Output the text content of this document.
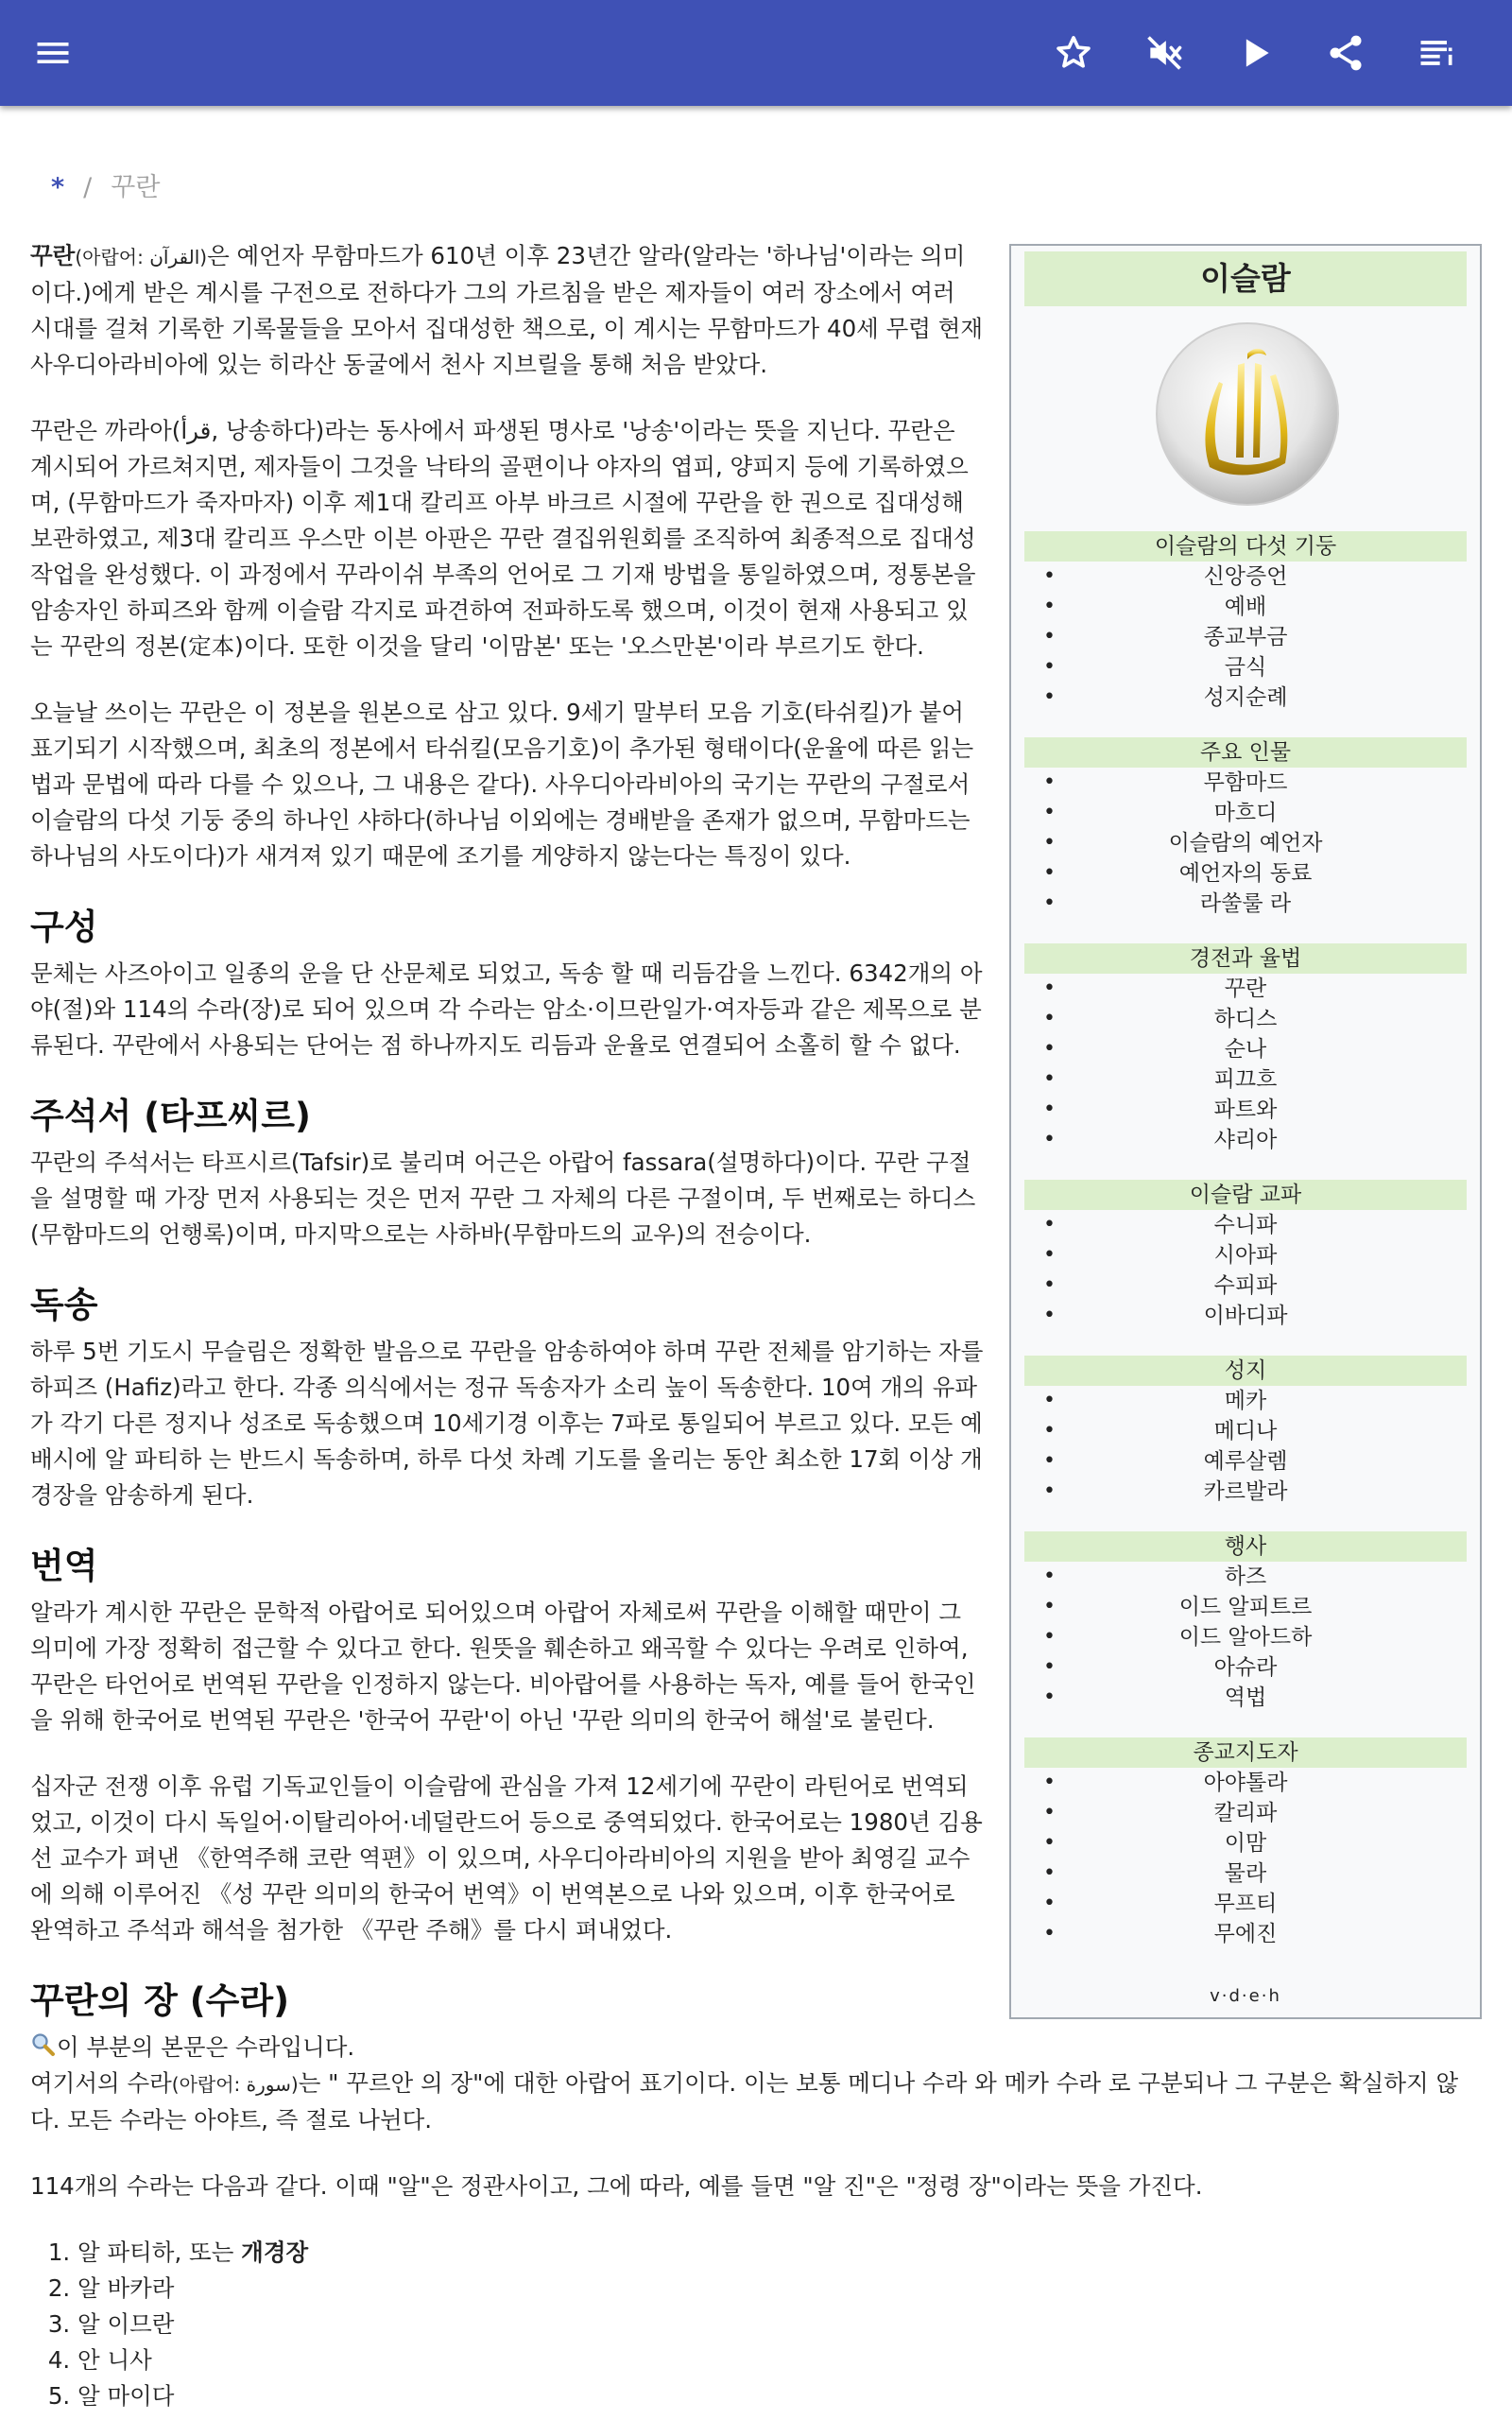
* / 꾸란

꾸란(아랍어: القرآن)은 예언자 무함마드가 610년 이후 23년간 알라(알라는 '하나님'이라는 의미이다.)에게 받은 계시를 구전으로 전하다가 그의 가르침을 받은 제자들이 여러 장소에서 여러 시대를 걸쳐 기록한 기록물들을 모아서 집대성한 책으로, 이 계시는 무함마드가 40세 무렵 현재 사우디아라비아에 있는 히라산 동굴에서 천사 지브릴을 통해 처음 받았다.

꾸란은 까라아(قرأ, 낭송하다)라는 동사에서 파생된 명사로 '낭송'이라는 뜻을 지닌다. 꾸란은 계시되어 가르쳐지면, 제자들이 그것을 낙타의 골편이나 야자의 엽피, 양피지 등에 기록하였으며, (무함마드가 죽자마자) 이후 제1대 칼리프 아부 바크르 시절에 꾸란을 한 권으로 집대성해 보관하였고, 제3대 칼리프 우스만 이븐 아판은 꾸란 결집위원회를 조직하여 최종적으로 집대성 작업을 완성했다. 이 과정에서 꾸라이쉬 부족의 언어로 그 기재 방법을 통일하였으며, 정통본을 암송자인 하피즈와 함께 이슬람 각지로 파견하여 전파하도록 했으며, 이것이 현재 사용되고 있는 꾸란의 정본(定本)이다. 또한 이것을 달리 '이맘본' 또는 '오스만본'이라 부르기도 한다.

오늘날 쓰이는 꾸란은 이 정본을 원본으로 삼고 있다. 9세기 말부터 모음 기호(타쉬킬)가 붙어 표기되기 시작했으며, 최초의 정본에서 타쉬킬(모음기호)이 추가된 형태이다(운율에 따른 읽는 법과 문법에 따라 다를 수 있으나, 그 내용은 같다). 사우디아라비아의 국기는 꾸란의 구절로서 이슬람의 다섯 기둥 중의 하나인 샤하다(하나님 이외에는 경배받을 존재가 없으며, 무함마드는 하나님의 사도이다)가 새겨져 있기 때문에 조기를 게양하지 않는다는 특징이 있다.

구성

문체는 사즈아이고 일종의 운을 단 산문체로 되었고, 독송 할 때 리듬감을 느낀다. 6342개의 아야(절)와 114의 수라(장)로 되어 있으며 각 수라는 암소·이므란일가·여자등과 같은 제목으로 분류된다. 꾸란에서 사용되는 단어는 점 하나까지도 리듬과 운율로 연결되어 소홀히 할 수 없다.

주석서 (타프씨르)

꾸란의 주석서는 타프시르(Tafsir)로 불리며 어근은 아랍어 fassara(설명하다)이다. 꾸란 구절을 설명할 때 가장 먼저 사용되는 것은 먼저 꾸란 그 자체의 다른 구절이며, 두 번째로는 하디스(무함마드의 언행록)이며, 마지막으로는 사하바(무함마드의 교우)의 전승이다.

독송

하루 5번 기도시 무슬림은 정확한 발음으로 꾸란을 암송하여야 하며 꾸란 전체를 암기하는 자를 하피즈 (Hafiz)라고 한다. 각종 의식에서는 정규 독송자가 소리 높이 독송한다. 10여 개의 유파가 각기 다른 정지나 성조로 독송했으며 10세기경 이후는 7파로 통일되어 부르고 있다. 모든 예배시에 알 파티하 는 반드시 독송하며, 하루 다섯 차례 기도를 올리는 동안 최소한 17회 이상 개경장을 암송하게 된다.

번역

알라가 계시한 꾸란은 문학적 아랍어로 되어있으며 아랍어 자체로써 꾸란을 이해할 때만이 그 의미에 가장 정확히 접근할 수 있다고 한다. 원뜻을 훼손하고 왜곡할 수 있다는 우려로 인하여, 꾸란은 타언어로 번역된 꾸란을 인정하지 않는다. 비아랍어를 사용하는 독자, 예를 들어 한국인을 위해 한국어로 번역된 꾸란은 '한국어 꾸란'이 아닌 '꾸란 의미의 한국어 해설'로 불린다.

십자군 전쟁 이후 유럽 기독교인들이 이슬람에 관심을 가져 12세기에 꾸란이 라틴어로 번역되었고, 이것이 다시 독일어·이탈리아어·네덜란드어 등으로 중역되었다. 한국어로는 1980년 김용선 교수가 펴낸 《한역주해 코란 역편》이 있으며, 사우디아라비아의 지원을 받아 최영길 교수에 의해 이루어진 《성 꾸란 의미의 한국어 번역》이 번역본으로 나와 있으며, 이후 한국어로 완역하고 주석과 해석을 첨가한 《꾸란 주해》를 다시 펴내었다.

꾸란의 장 (수라)
이 부분의 본문은 수라입니다.

여기서의 수라(아랍어: سورة)는 " 꾸르안 의 장"에 대한 아랍어 표기이다. 이는 보통 메디나 수라 와 메카 수라 로 구분되나 그 구분은 확실하지 않다. 모든 수라는 아야트, 즉 절로 나뉜다.

114개의 수라는 다음과 같다. 이때 "알"은 정관사이고, 그에 따라, 예를 들면 "알 진"은 "정령 장"이라는 뜻을 가진다.

1. 알 파티하, 또는 개경장
2. 알 바카라
3. 알 이므란
4. 안 니사
5. 알 마이다
이슬람
이슬람의 다섯 기둥
• 신앙증언
• 예배
• 종교부금
• 금식
• 성지순례
주요 인물
• 무함마드
• 마흐디
• 이슬람의 예언자
• 예언자의 동료
• 라쑬룰 라
경전과 율법
• 꾸란
• 하디스
• 순나
• 피끄흐
• 파트와
• 샤리아
이슬람 교파
• 수니파
• 시아파
• 수피파
• 이바디파
성지
• 메카
• 메디나
• 예루살렘
• 카르발라
행사
• 하즈
• 이드 알피트르
• 이드 알아드하
• 아슈라
• 역법
종교지도자
• 아야톨라
• 칼리파
• 이맘
• 물라
• 무프티
• 무에진
v·d·e·h
